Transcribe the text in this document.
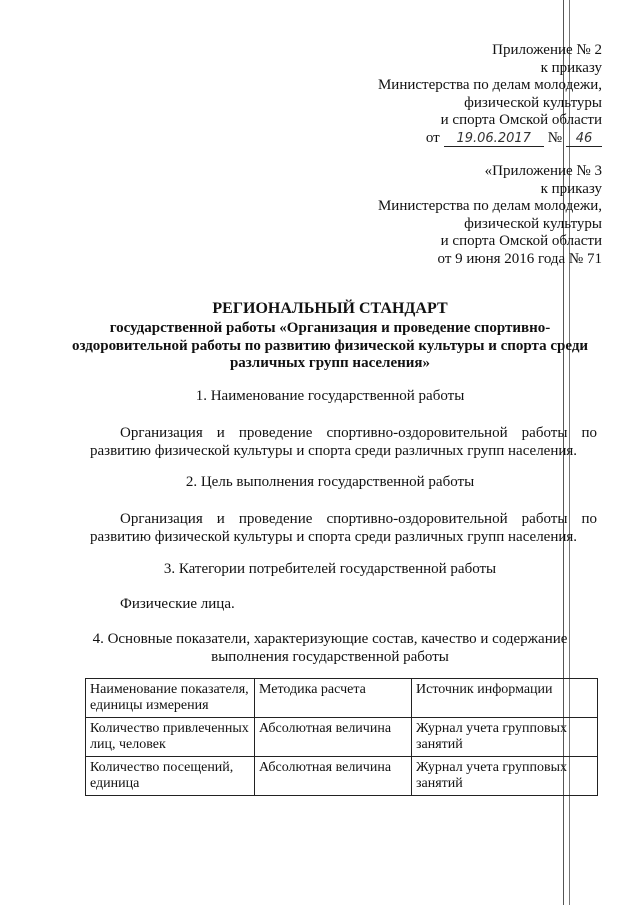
Приложение № 2
к приказу
Министерства по делам молодежи,
физической культуры
и спорта Омской области
от	19.06.2017	№	46
«Приложение № 3
к приказу
Министерства по делам молодежи,
физической культуры
и спорта Омской области
от 9 июня 2016 года № 71
РЕГИОНАЛЬНЫЙ СТАНДАРТ
государственной работы «Организация и проведение спортивно-оздоровительной работы по развитию физической культуры и спорта среди различных групп населения»
1. Наименование государственной работы
Организация и проведение спортивно-оздоровительной работы по развитию физической культуры и спорта среди различных групп населения.
2. Цель выполнения государственной работы
Организация и проведение спортивно-оздоровительной работы по развитию физической культуры и спорта среди различных групп населения.
3. Категории потребителей государственной работы
Физические лица.
4. Основные показатели, характеризующие состав, качество и содержание выполнения государственной работы
Наименование показателя, единицы измерения	Методика расчета	Источник информации
Количество привлеченных лиц, человек	Абсолютная величина	Журнал учета групповых занятий
Количество посещений, единица	Абсолютная величина	Журнал учета групповых занятий
